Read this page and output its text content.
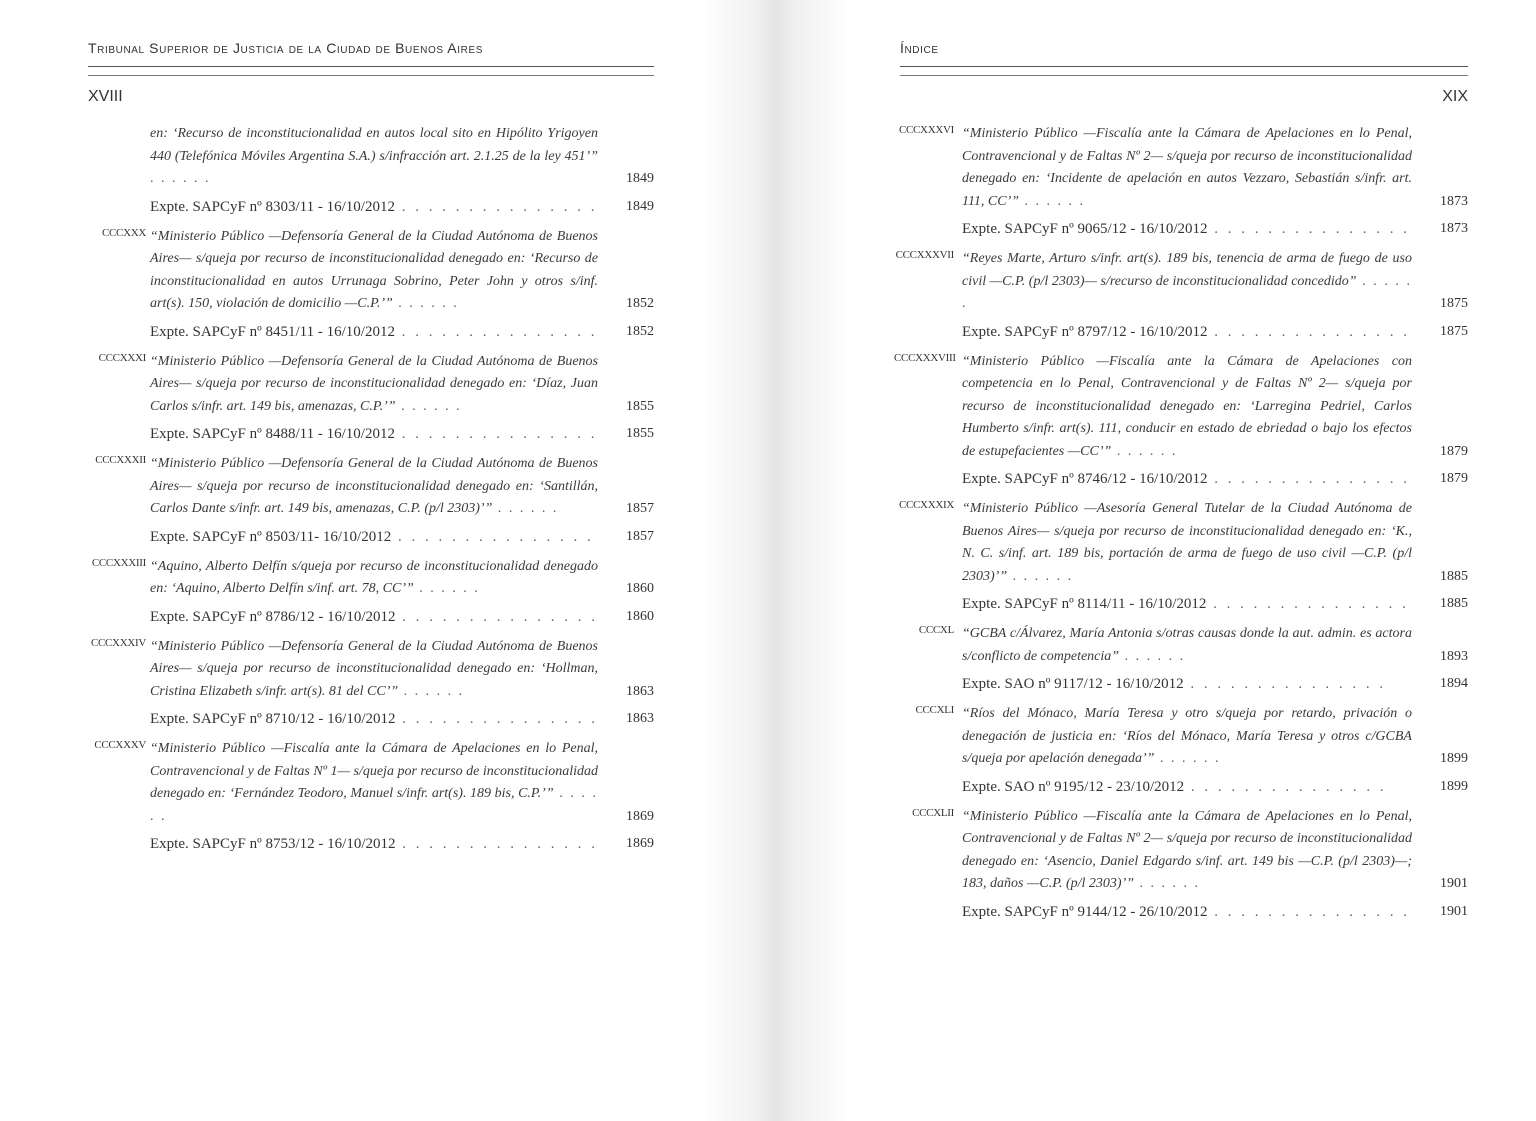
Tribunal Superior de Justicia de la Ciudad de Buenos Aires
XVIII
en: ‘Recurso de inconstitucionalidad en autos local sito en Hipólito Yrigoyen 440 (Telefónica Móviles Argentina S.A.) s/infracción art. 2.1.25 de la ley 451’” . . . . . .	1849
Expte. SAPCyF nº 8303/11 - 16/10/2012 . . . . . . . . . . . . . . . 1849
CCCXXX “Ministerio Público —Defensoría General de la Ciudad Autónoma de Buenos Aires— s/queja por recurso de inconstitucionalidad denegado en: ‘Recurso de inconstitucionalidad en autos Urrunaga Sobrino, Peter John y otros s/inf. art(s). 150, violación de domicilio —C.P.’” . . . . . .	1852
Expte. SAPCyF nº 8451/11 - 16/10/2012 . . . . . . . . . . . . . . . 1852
CCCXXXI “Ministerio Público —Defensoría General de la Ciudad Autónoma de Buenos Aires— s/queja por recurso de inconstitucionalidad denegado en: ‘Díaz, Juan Carlos s/infr. art. 149 bis, amenazas, C.P.’” . . . . . .	1855
Expte. SAPCyF nº 8488/11 - 16/10/2012 . . . . . . . . . . . . . . . 1855
CCCXXXII “Ministerio Público —Defensoría General de la Ciudad Autónoma de Buenos Aires— s/queja por recurso de inconstitucionalidad denegado en: ‘Santillán, Carlos Dante s/infr. art. 149 bis, amenazas, C.P. (p/l 2303)’” . . . . . .	1857
Expte. SAPCyF nº 8503/11- 16/10/2012 . . . . . . . . . . . . . . . 1857
CCCXXXIII “Aquino, Alberto Delfín s/queja por recurso de inconstitucionalidad denegado en: ‘Aquino, Alberto Delfín s/inf. art. 78, CC’” . . . . . .	1860
Expte. SAPCyF nº 8786/12 - 16/10/2012 . . . . . . . . . . . . . . . 1860
CCCXXXIV “Ministerio Público —Defensoría General de la Ciudad Autónoma de Buenos Aires— s/queja por recurso de inconstitucionalidad denegado en: ‘Hollman, Cristina Elizabeth s/infr. art(s). 81 del CC’” . . . . . .	1863
Expte. SAPCyF nº 8710/12 - 16/10/2012 . . . . . . . . . . . . . . . 1863
CCCXXXV “Ministerio Público —Fiscalía ante la Cámara de Apelaciones en lo Penal, Contravencional y de Faltas Nº 1— s/queja por recurso de inconstitucionalidad denegado en: ‘Fernández Teodoro, Manuel s/infr. art(s). 189 bis, C.P.’” . . . . . .	1869
Expte. SAPCyF nº 8753/12 - 16/10/2012 . . . . . . . . . . . . . . . 1869
Índice
XIX
CCCXXXVI “Ministerio Público —Fiscalía ante la Cámara de Apelaciones en lo Penal, Contravencional y de Faltas Nº 2— s/queja por recurso de inconstitucionalidad denegado en: ‘Incidente de apelación en autos Vezzaro, Sebastián s/infr. art. 111, CC’” . . . . . .	1873
Expte. SAPCyF nº 9065/12 - 16/10/2012 . . . . . . . . . . . . . . . 1873
CCCXXXVII “Reyes Marte, Arturo s/infr. art(s). 189 bis, tenencia de arma de fuego de uso civil —C.P. (p/l 2303)— s/recurso de inconstitucionalidad concedido” . . . . . .	1875
Expte. SAPCyF nº 8797/12 - 16/10/2012 . . . . . . . . . . . . . . . 1875
CCCXXXVIII “Ministerio Público —Fiscalía ante la Cámara de Apelaciones con competencia en lo Penal, Contravencional y de Faltas Nº 2— s/queja por recurso de inconstitucionalidad denegado en: ‘Larregina Pedriel, Carlos Humberto s/infr. art(s). 111, conducir en estado de ebriedad o bajo los efectos de estupefacientes —CC’” . . . . . .	1879
Expte. SAPCyF nº 8746/12 - 16/10/2012 . . . . . . . . . . . . . . . 1879
CCCXXXIX “Ministerio Público —Asesoría General Tutelar de la Ciudad Autónoma de Buenos Aires— s/queja por recurso de inconstitucionalidad denegado en: ‘K., N. C. s/inf. art. 189 bis, portación de arma de fuego de uso civil —C.P. (p/l 2303)’” . . . . . .	1885
Expte. SAPCyF nº 8114/11 - 16/10/2012 . . . . . . . . . . . . . . . 1885
CCCXL “GCBA c/Álvarez, María Antonia s/otras causas donde la aut. admin. es actora s/conflicto de competencia” . . . . . .	1893
Expte. SAO nº 9117/12 - 16/10/2012 . . . . . . . . . . . . . . .	1894
CCCXLI “Ríos del Mónaco, María Teresa y otro s/queja por retardo, privación o denegación de justicia en: ‘Ríos del Mónaco, María Teresa y otros c/GCBA s/queja por apelación denegada’” . . . . . .	1899
Expte. SAO nº 9195/12 - 23/10/2012 . . . . . . . . . . . . . . .	1899
CCCXLII “Ministerio Público —Fiscalía ante la Cámara de Apelaciones en lo Penal, Contravencional y de Faltas Nº 2— s/queja por recurso de inconstitucionalidad denegado en: ‘Asencio, Daniel Edgardo s/inf. art. 149 bis —C.P. (p/l 2303)—; 183, daños —C.P. (p/l 2303)’” . . . . . .	1901
Expte. SAPCyF nº 9144/12 - 26/10/2012 . . . . . . . . . . . . . . . 1901
